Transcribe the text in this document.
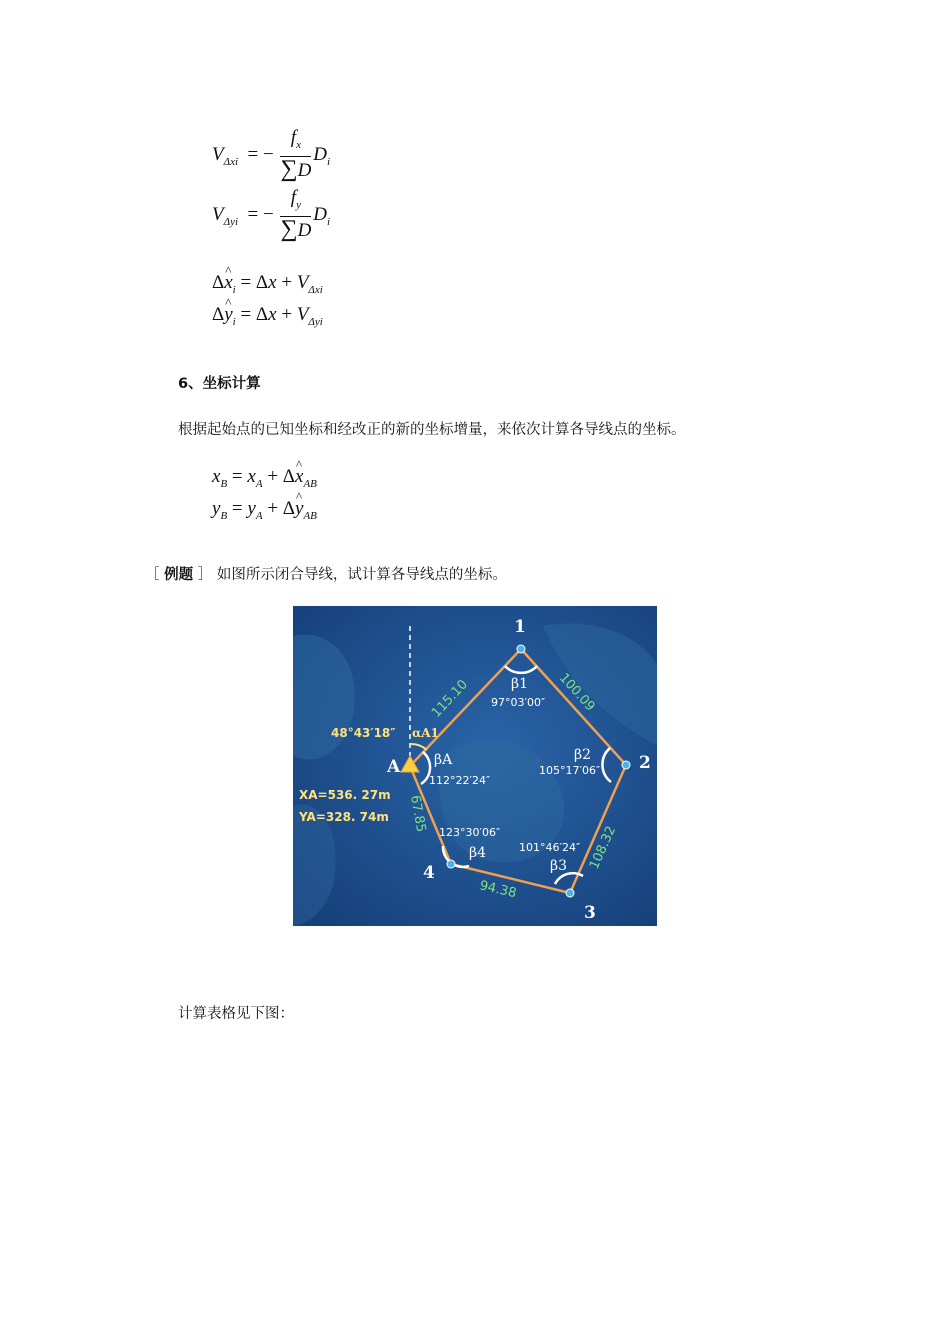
$V_{\Delta xi}$  = − $\frac{f_x}{\sum D} D_i$
$V_{\Delta yi}$  = − $\frac{f_y}{\sum D} D_i$
Δ^ $x_i = \Delta x + V_{\Delta xi}$
Δ^ $y_i = \Delta x + V_{\Delta yi}$
6、坐标计算
根据起始点的已知坐标和经改正的新的坐标增量，来依次计算各导线点的坐标。
$x_B = x_A$ + Δ^ $x_{AB}$
$y_B = y_A$ + Δ^ $y_{AB}$
［ 例题 ］ 如图所示闭合导线，试计算各导线点的坐标。
1
2
3
4
A
115.10	100.09
108.32
94.38
67.85
β1
β2
β3
β4
βA
97°03′00″
105°17′06″
101°46′24″
123°30′06″
112°22′24″
αA1
48°43′18″
XA=536. 27m
YA=328. 74m
计算表格见下图：
